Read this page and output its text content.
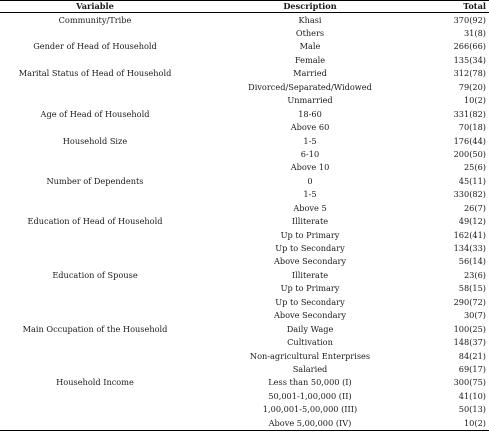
Variable	Description	Total
Community/Tribe	Khasi	370(92)
	Others	31(8)
Gender of Head of Household	Male	266(66)
	Female	135(34)
Marital Status of Head of Household	Married	312(78)
	Divorced/Separated/Widowed	79(20)
	Unmarried	10(2)
Age of Head of Household	18-60	331(82)
	Above 60	70(18)
Household Size	1-5	176(44)
	6-10	200(50)
	Above 10	25(6)
Number of Dependents	0	45(11)
	1-5	330(82)
	Above 5	26(7)
Education of Head of Household	Illiterate	49(12)
	Up to Primary	162(41)
	Up to Secondary	134(33)
	Above Secondary	56(14)
Education of Spouse	Illiterate	23(6)
	Up to Primary	58(15)
	Up to Secondary	290(72)
	Above Secondary	30(7)
Main Occupation of the Household	Daily Wage	100(25)
	Cultivation	148(37)
	Non-agricultural Enterprises	84(21)
	Salaried	69(17)
Household Income	Less than 50,000 (I)	300(75)
	50,001-1,00,000 (II)	41(10)
	1,00,001-5,00,000 (III)	50(13)
	Above 5,00,000 (IV)	10(2)
